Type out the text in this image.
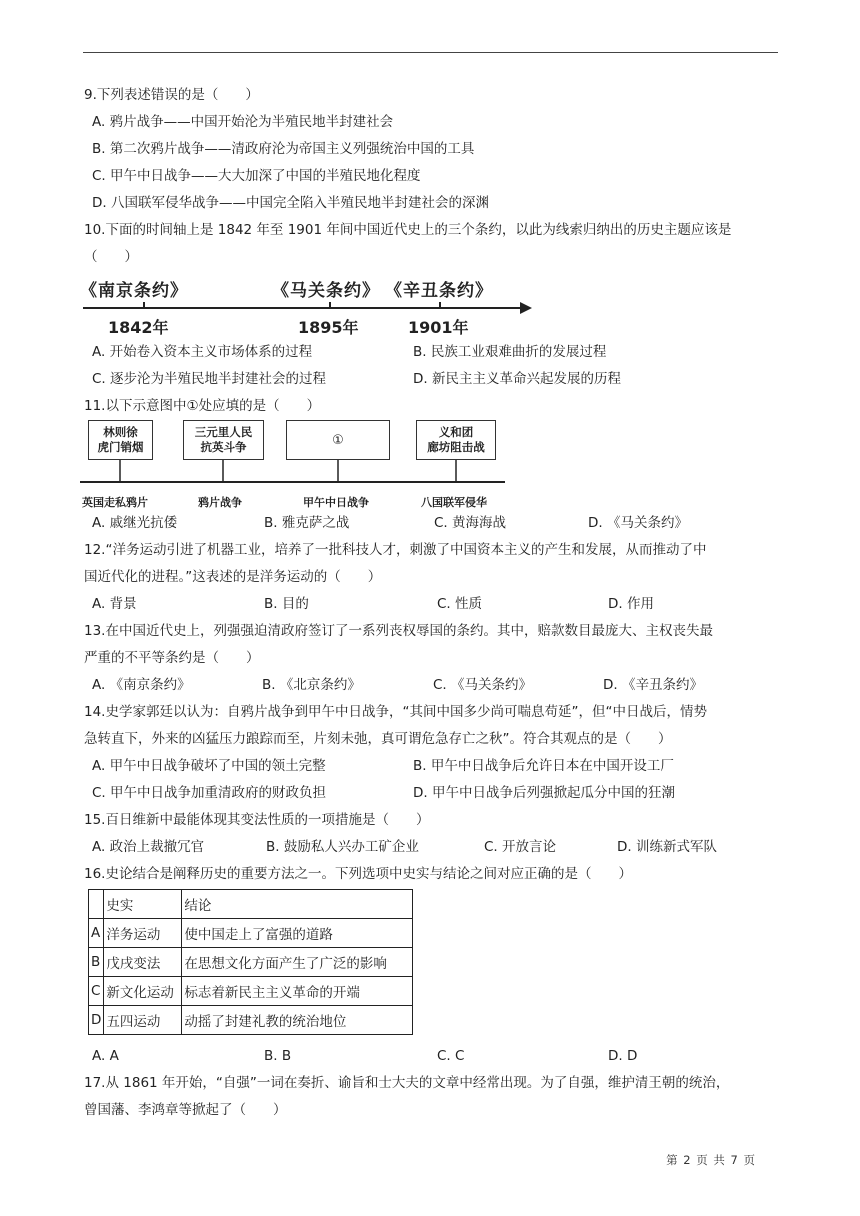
9.下列表述错误的是（　　）
A. 鸦片战争——中国开始沦为半殖民地半封建社会
B. 第二次鸦片战争——清政府沦为帝国主义列强统治中国的工具
C. 甲午中日战争——大大加深了中国的半殖民地化程度
D. 八国联军侵华战争——中国完全陷入半殖民地半封建社会的深渊
10.下面的时间轴上是 1842 年至 1901 年间中国近代史上的三个条约，以此为线索归纳出的历史主题应该是
（　　）
《南京条约》	《马关条约》 《辛丑条约》
1842年	1895年	1901年
A. 开始卷入资本主义市场体系的过程	B. 民族工业艰难曲折的发展过程
C. 逐步沦为半殖民地半封建社会的过程	D. 新民主主义革命兴起发展的历程
11.以下示意图中①处应填的是（　　）
林则徐
虎门销烟
三元里人民
抗英斗争	①
义和团
廊坊阻击战
英国走私鸦片	鸦片战争	甲午中日战争	八国联军侵华
A. 戚继光抗倭	B. 雅克萨之战	C. 黄海海战	D. 《马关条约》
12.“洋务运动引进了机器工业，培养了一批科技人才，刺激了中国资本主义的产生和发展，从而推动了中
国近代化的进程。”这表述的是洋务运动的（　　）
A. 背景	B. 目的	C. 性质	D. 作用
13.在中国近代史上，列强强迫清政府签订了一系列丧权辱国的条约。其中，赔款数目最庞大、主权丧失最
严重的不平等条约是（　　）
A. 《南京条约》	B. 《北京条约》	C. 《马关条约》	D. 《辛丑条约》
14.史学家郭廷以认为：自鸦片战争到甲午中日战争，“其间中国多少尚可喘息苟延”，但“中日战后，情势
急转直下，外来的凶猛压力踉踪而至，片刻未弛，真可谓危急存亡之秋”。符合其观点的是（　　）
A. 甲午中日战争破坏了中国的领土完整	B. 甲午中日战争后允许日本在中国开设工厂
C. 甲午中日战争加重清政府的财政负担	D. 甲午中日战争后列强掀起瓜分中国的狂潮
15.百日维新中最能体现其变法性质的一项措施是（　　）
A. 政治上裁撤冗官	B. 鼓励私人兴办工矿企业	C. 开放言论	D. 训练新式军队
16.史论结合是阐释历史的重要方法之一。下列选项中史实与结论之间对应正确的是（　　）
	史实	结论
A	洋务运动	使中国走上了富强的道路
B	戊戌变法	在思想文化方面产生了广泛的影响
C	新文化运动	标志着新民主主义革命的开端
D	五四运动	动摇了封建礼教的统治地位
A. A	B. B	C. C	D. D
17.从 1861 年开始，“自强”一词在奏折、谕旨和士大夫的文章中经常出现。为了自强，维护清王朝的统治，
曾国藩、李鸿章等掀起了（　　）
第 2 页 共 7 页
